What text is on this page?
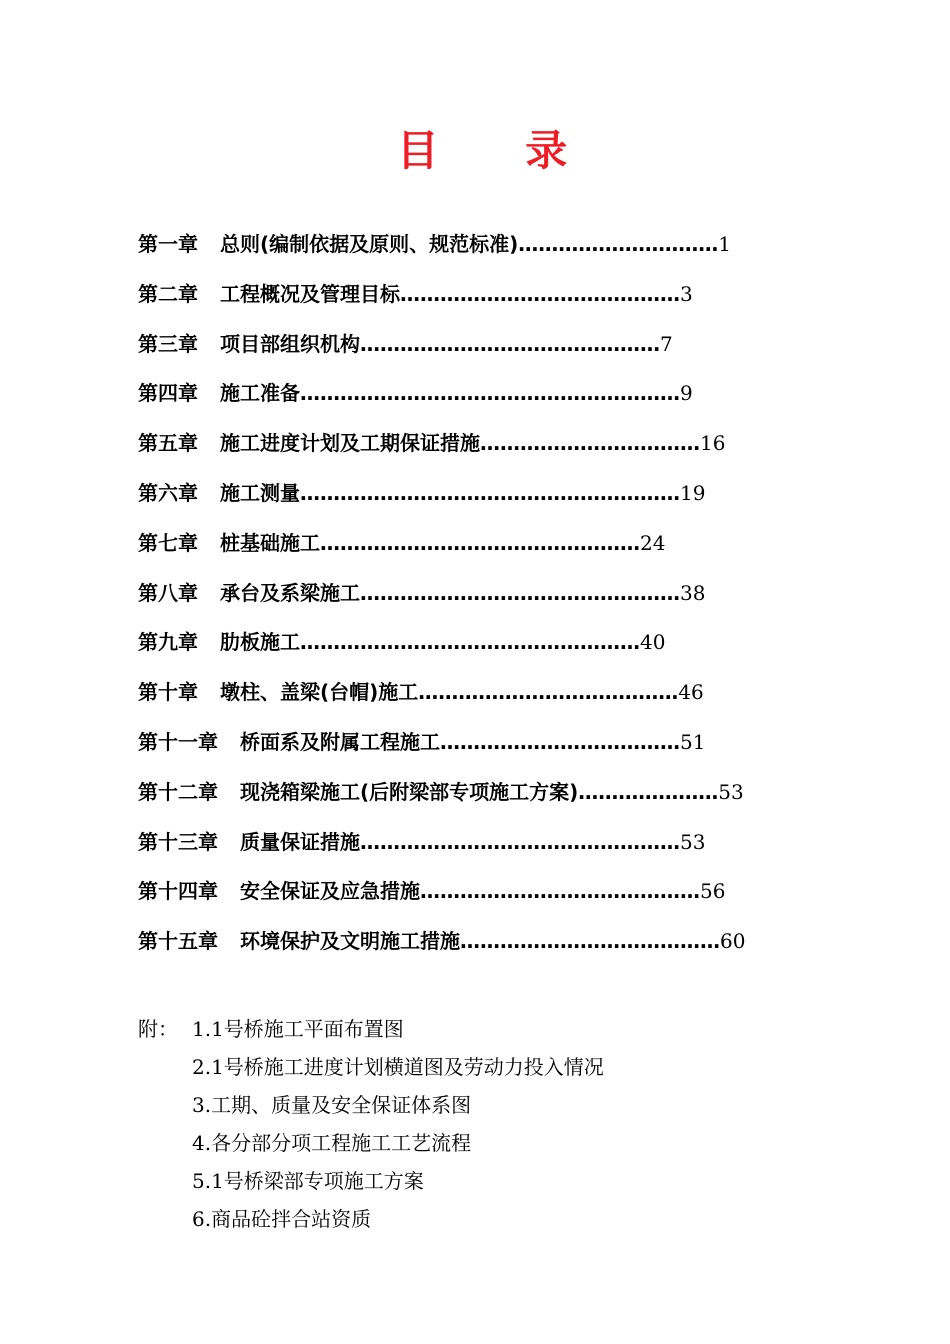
目 录
第一章 总则(编制依据及原则、规范标准)…………………………1
第二章 工程概况及管理目标……………………………………3
第三章 项目部组织机构………………………………………7
第四章 施工准备…………………………………………………9
第五章 施工进度计划及工期保证措施……………………………16
第六章 施工测量…………………………………………………19
第七章 桩基础施工…………………………………………24
第八章 承台及系梁施工…………………………………………38
第九章 肋板施工……………………………………………40
第十章 墩柱、盖梁(台帽)施工…………………………………46
第十一章 桥面系及附属工程施工………………………………51
第十二章 现浇箱梁施工(后附梁部专项施工方案)…………………53
第十三章 质量保证措施…………………………………………53
第十四章 安全保证及应急措施……………………………………56
第十五章 环境保护及文明施工措施…………………………………60
附： 1.1号桥施工平面布置图
2.1号桥施工进度计划横道图及劳动力投入情况
3.工期、质量及安全保证体系图
4.各分部分项工程施工工艺流程
5.1号桥梁部专项施工方案
6.商品砼拌合站资质
